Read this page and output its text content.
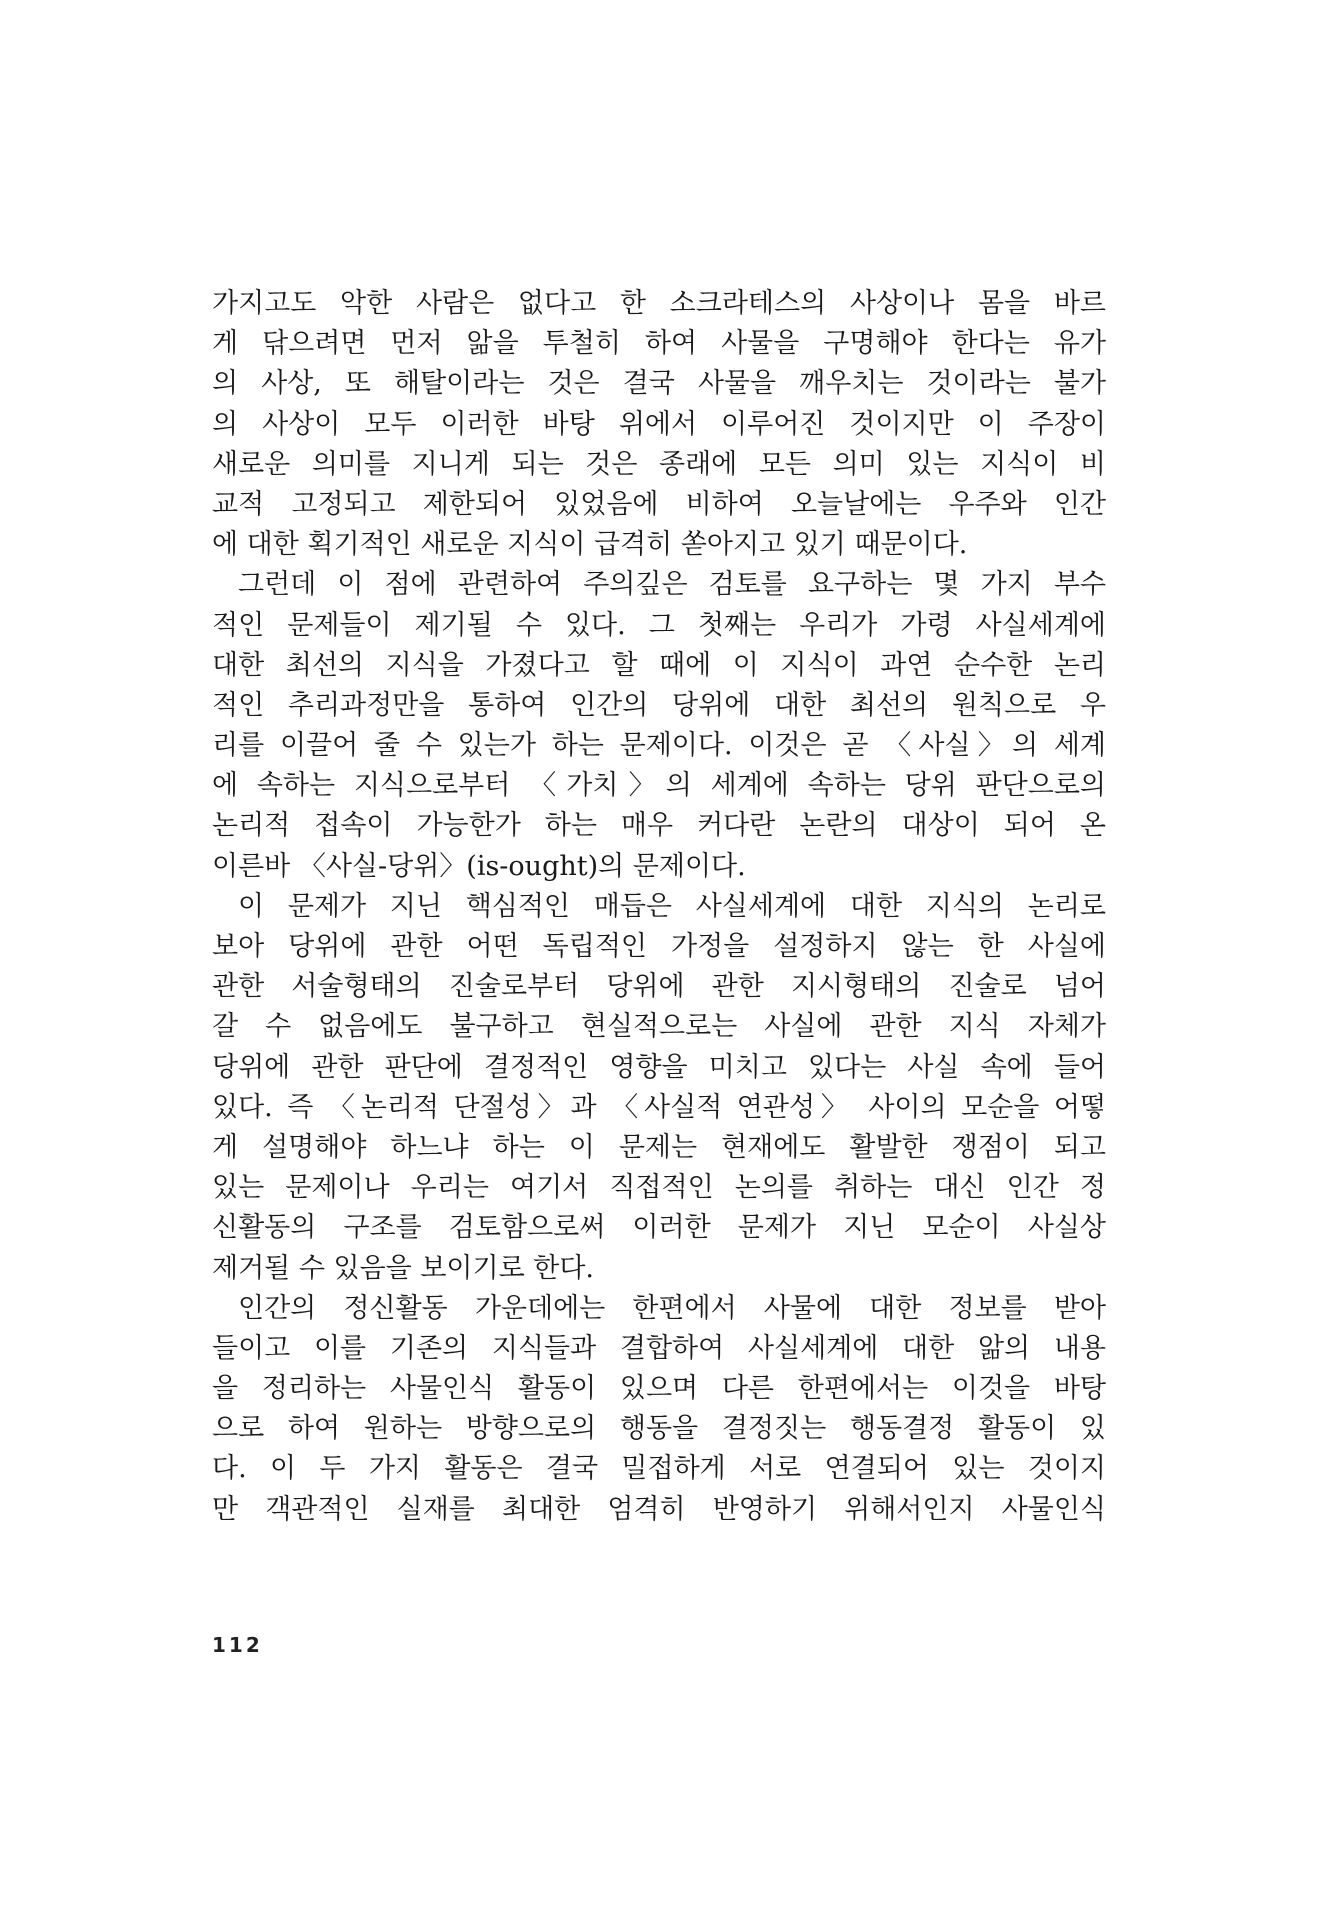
가지고도 악한 사람은 없다고 한 소크라테스의 사상이나 몸을 바르
게 닦으려면 먼저 앎을 투철히 하여 사물을 구명해야 한다는 유가
의 사상, 또 해탈이라는 것은 결국 사물을 깨우치는 것이라는 불가
의 사상이 모두 이러한 바탕 위에서 이루어진 것이지만 이 주장이
새로운 의미를 지니게 되는 것은 종래에 모든 의미 있는 지식이 비
교적 고정되고 제한되어 있었음에 비하여 오늘날에는 우주와 인간
에 대한 획기적인 새로운 지식이 급격히 쏟아지고 있기 때문이다.
그런데 이 점에 관련하여 주의깊은 검토를 요구하는 몇 가지 부수
적인 문제들이 제기될 수 있다. 그 첫째는 우리가 가령 사실세계에
대한 최선의 지식을 가졌다고 할 때에 이 지식이 과연 순수한 논리
적인 추리과정만을 통하여 인간의 당위에 대한 최선의 원칙으로 우
리를 이끌어 줄 수 있는가 하는 문제이다. 이것은 곧 〈사실〉의 세계
에 속하는 지식으로부터 〈가치〉의 세계에 속하는 당위 판단으로의
논리적 접속이 가능한가 하는 매우 커다란 논란의 대상이 되어 온
이른바 〈사실-당위〉(is-ought)의 문제이다.
이 문제가 지닌 핵심적인 매듭은 사실세계에 대한 지식의 논리로
보아 당위에 관한 어떤 독립적인 가정을 설정하지 않는 한 사실에
관한 서술형태의 진술로부터 당위에 관한 지시형태의 진술로 넘어
갈 수 없음에도 불구하고 현실적으로는 사실에 관한 지식 자체가
당위에 관한 판단에 결정적인 영향을 미치고 있다는 사실 속에 들어
있다. 즉 〈논리적 단절성〉과 〈사실적 연관성〉 사이의 모순을 어떻
게 설명해야 하느냐 하는 이 문제는 현재에도 활발한 쟁점이 되고
있는 문제이나 우리는 여기서 직접적인 논의를 취하는 대신 인간 정
신활동의 구조를 검토함으로써 이러한 문제가 지닌 모순이 사실상
제거될 수 있음을 보이기로 한다.
인간의 정신활동 가운데에는 한편에서 사물에 대한 정보를 받아
들이고 이를 기존의 지식들과 결합하여 사실세계에 대한 앎의 내용
을 정리하는 사물인식 활동이 있으며 다른 한편에서는 이것을 바탕
으로 하여 원하는 방향으로의 행동을 결정짓는 행동결정 활동이 있
다. 이 두 가지 활동은 결국 밀접하게 서로 연결되어 있는 것이지
만 객관적인 실재를 최대한 엄격히 반영하기 위해서인지 사물인식
112
